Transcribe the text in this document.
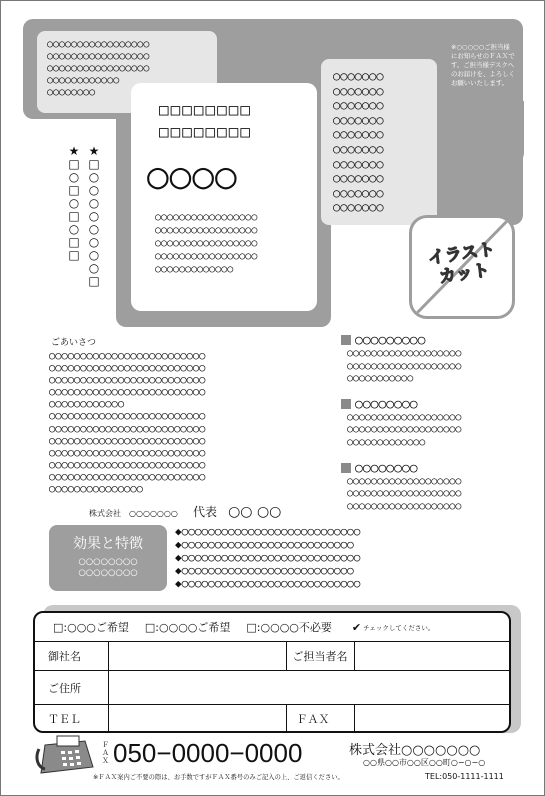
○○○○○○○○○○○○○○○○○
○○○○○○○○○○○○○○○○○
○○○○○○○○○○○○○○○○○
○○○○○○○○○○○○
○○○○○○○○
□□□□□□□□
□□□□□□□□
○○○○
○○○○○○○○○○○○○○○○○
○○○○○○○○○○○○○○○○○
○○○○○○○○○○○○○○○○○
○○○○○○○○○○○○○○○○○
○○○○○○○○○○○○○
○○○○○○○
○○○○○○○
○○○○○○○
○○○○○○○
○○○○○○○
○○○○○○○
○○○○○○○
○○○○○○○
○○○○○○○
○○○○○○○
※○○○○○ご担当様にお知らせのＦＡＸです。ご担当様デスクへのお届けを、よろしくお願いいたします。
★□○□○□○□□
★□○○○○○○○○□
イラスト
カット
ごあいさつ
○○○○○○○○○○○○○○○○○○○○○○○○○
○○○○○○○○○○○○○○○○○○○○○○○○○
○○○○○○○○○○○○○○○○○○○○○○○○○
○○○○○○○○○○○○○○○○○○○○○○○○○
○○○○○○○○○○○○
○○○○○○○○○○○○○○○○○○○○○○○○○
○○○○○○○○○○○○○○○○○○○○○○○○○
○○○○○○○○○○○○○○○○○○○○○○○○○
○○○○○○○○○○○○○○○○○○○○○○○○○
○○○○○○○○○○○○○○○○○○○○○○○○○
○○○○○○○○○○○○○○○○○○○○○○○○○
○○○○○○○○○○○○○○○
株式会社　○○○○○○○ 代表 ○○ ○○
○○○○○○○○○
○○○○○○○○○○○○○○○○○○○
○○○○○○○○○○○○○○○○○○○
○○○○○○○○○○○
○○○○○○○○
○○○○○○○○○○○○○○○○○○○
○○○○○○○○○○○○○○○○○○○
○○○○○○○○○○○○○
○○○○○○○○
○○○○○○○○○○○○○○○○○○○
○○○○○○○○○○○○○○○○○○○
○○○○○○○○○○○○○○○○○○○
効果と特徴
○○○○○○○○
○○○○○○○○
◆○○○○○○○○○○○○○○○○○○○○○○○○○○○
◆○○○○○○○○○○○○○○○○○○○○○○○○○○
◆○○○○○○○○○○○○○○○○○○○○○○○○○○○
◆○○○○○○○○○○○○○○○○○○○○○○○○○○
◆○○○○○○○○○○○○○○○○○○○○○○○○○○○
□:○○○ご希望 □:○○○○ご希望 □:○○○○不必要 ✔ チェックしてください。
御社名		ご担当者名	
ご住所			
ＴＥＬ		ＦＡＸ	
ＦＡＸ 050−0000−0000
※ＦＡＸ案内ご不要の際は、お手数ですがＦＡＸ番号のみご記入の上、ご返信ください。
株式会社○○○○○○○
○○県○○市○○区○○町○−○−○
TEL:050-1111-1111
